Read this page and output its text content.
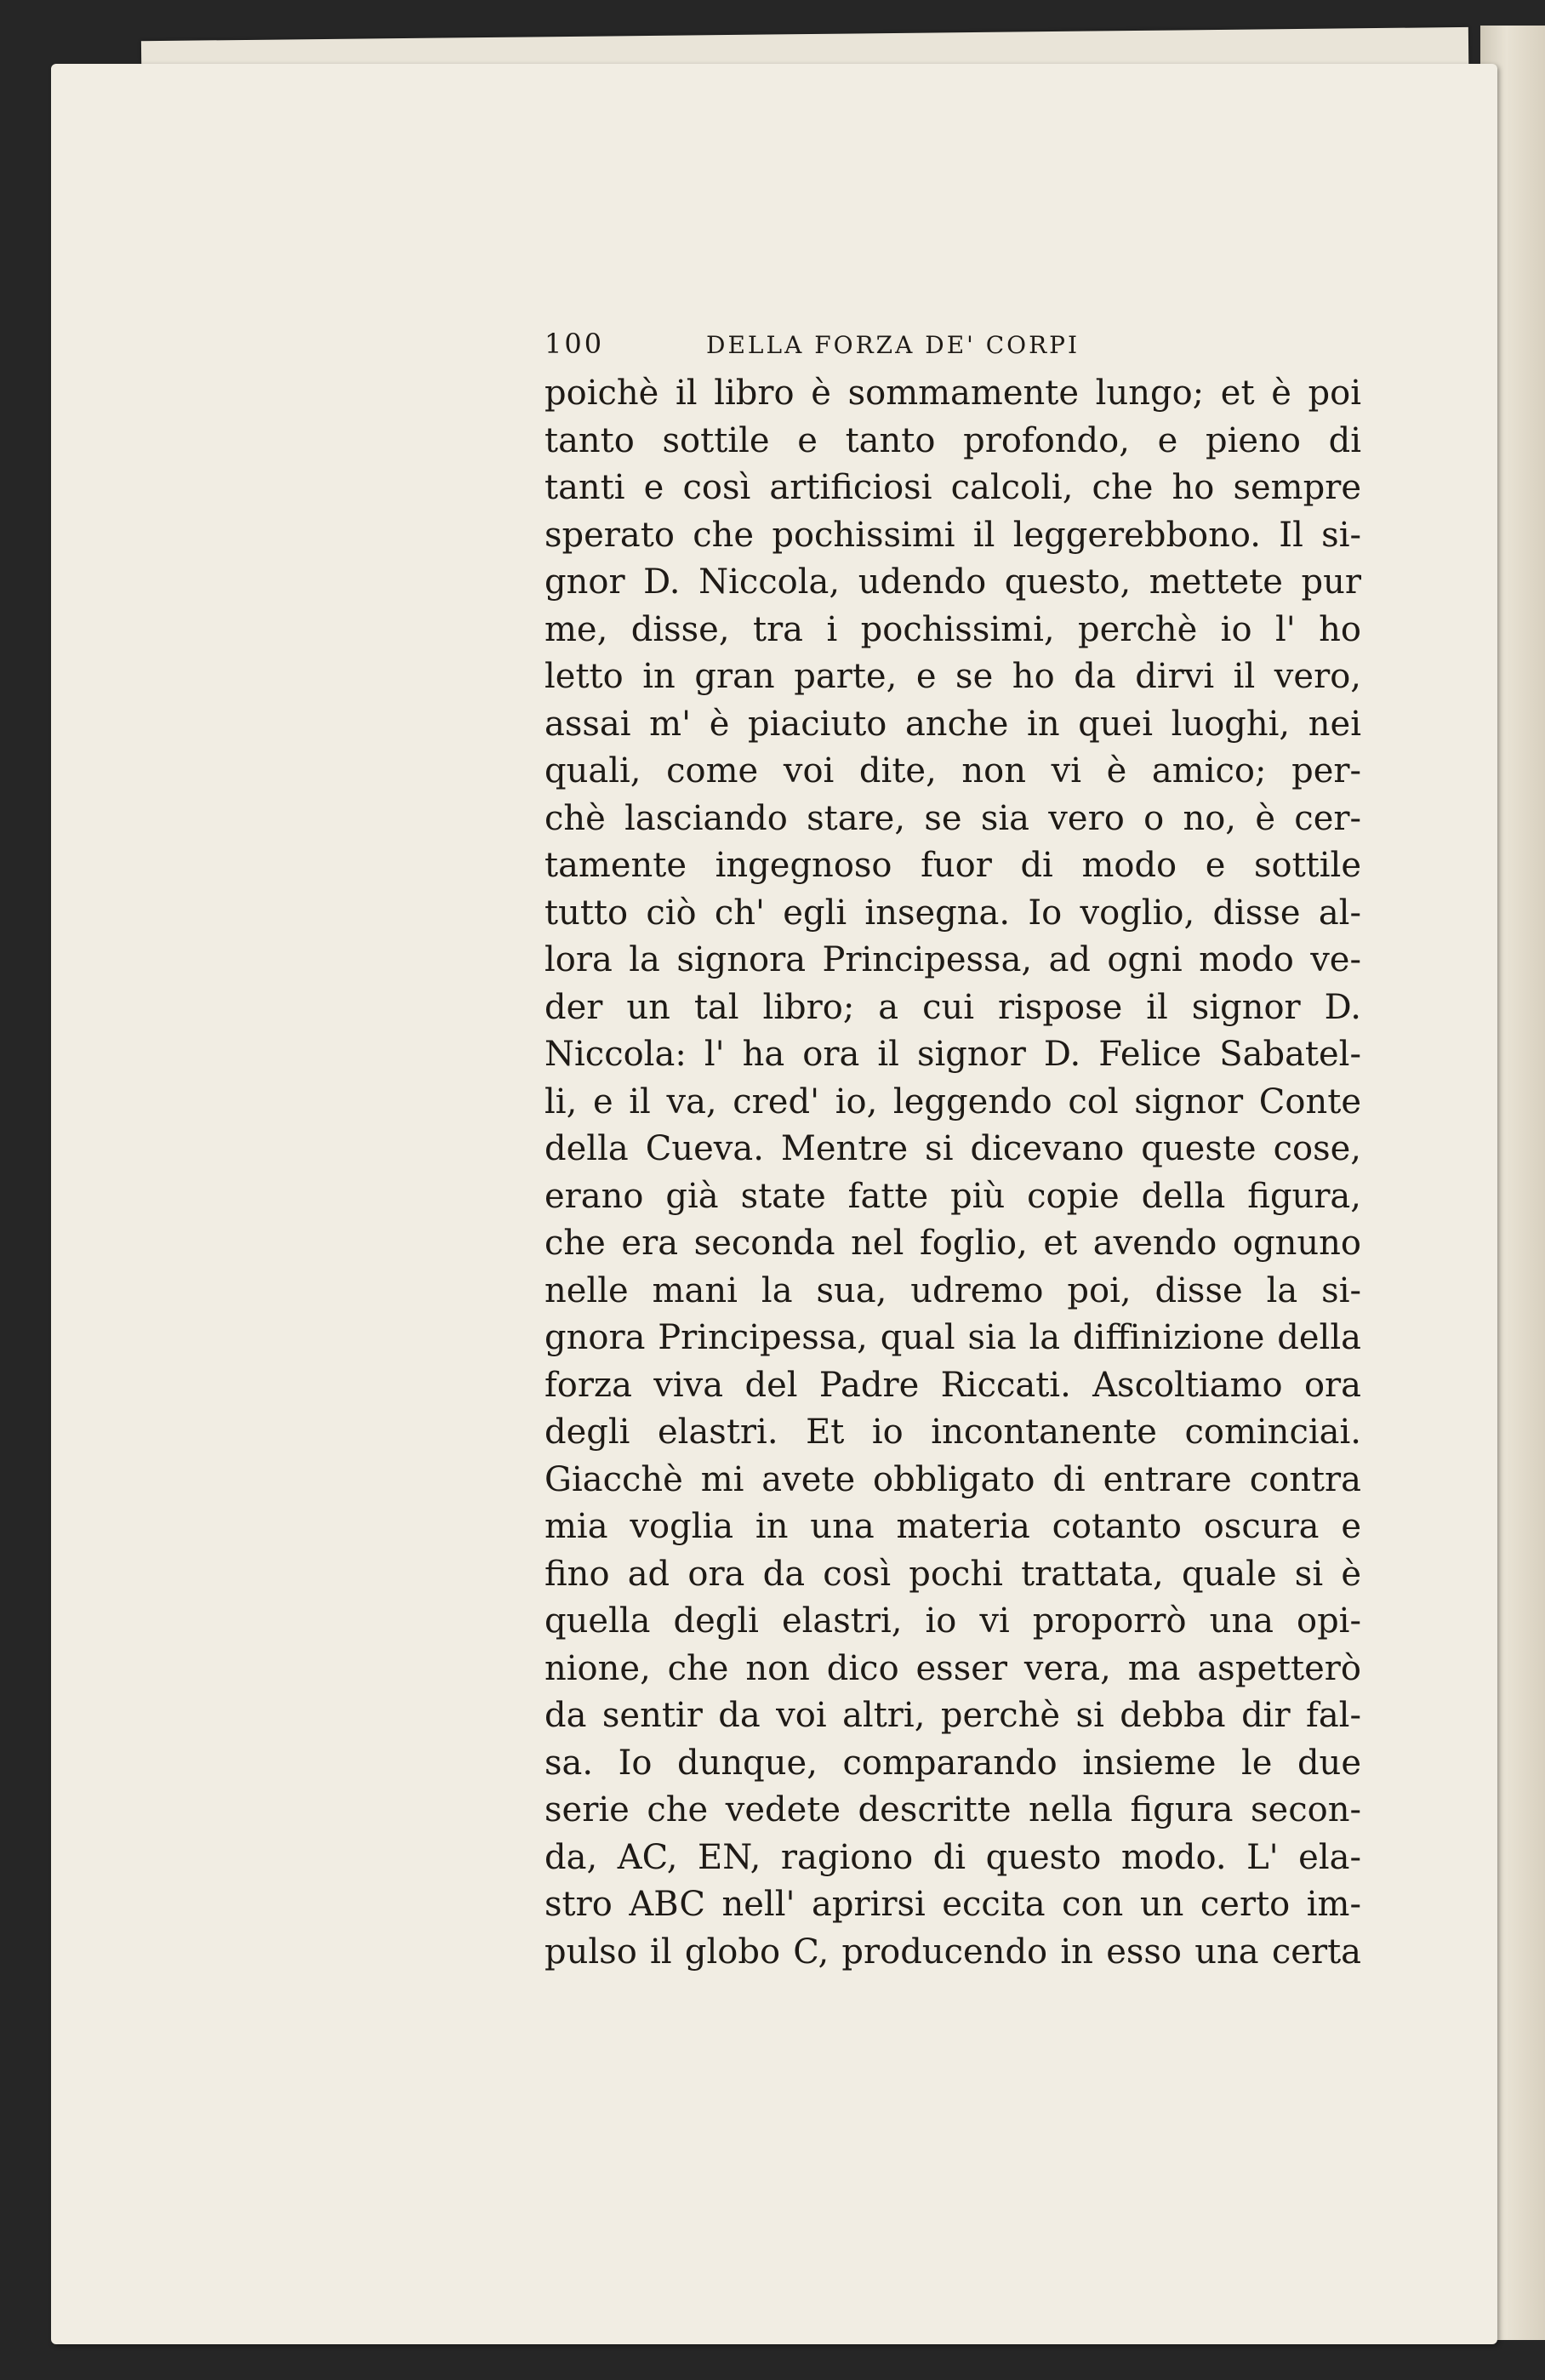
100	DELLA FORZA DE' CORPI
poichè il libro è sommamente lungo; et è poi
tanto sottile e tanto profondo, e pieno di
tanti e così artificiosi calcoli, che ho sempre
sperato che pochissimi il leggerebbono. Il si-
gnor D. Niccola, udendo questo, mettete pur
me, disse, tra i pochissimi, perchè io l' ho
letto in gran parte, e se ho da dirvi il vero,
assai m' è piaciuto anche in quei luoghi, nei
quali, come voi dite, non vi è amico; per-
chè lasciando stare, se sia vero o no, è cer-
tamente ingegnoso fuor di modo e sottile
tutto ciò ch' egli insegna. Io voglio, disse al-
lora la signora Principessa, ad ogni modo ve-
der un tal libro; a cui rispose il signor D.
Niccola: l' ha ora il signor D. Felice Sabatel-
li, e il va, cred' io, leggendo col signor Conte
della Cueva. Mentre si dicevano queste cose,
erano già state fatte più copie della figura,
che era seconda nel foglio, et avendo ognuno
nelle mani la sua, udremo poi, disse la si-
gnora Principessa, qual sia la diffinizione della
forza viva del Padre Riccati. Ascoltiamo ora
degli elastri. Et io incontanente cominciai.
Giacchè mi avete obbligato di entrare contra
mia voglia in una materia cotanto oscura e
fino ad ora da così pochi trattata, quale si è
quella degli elastri, io vi proporrò una opi-
nione, che non dico esser vera, ma aspetterò
da sentir da voi altri, perchè si debba dir fal-
sa. Io dunque, comparando insieme le due
serie che vedete descritte nella figura secon-
da, AC, EN, ragiono di questo modo. L' ela-
stro ABC nell' aprirsi eccita con un certo im-
pulso il globo C, producendo in esso una certa
